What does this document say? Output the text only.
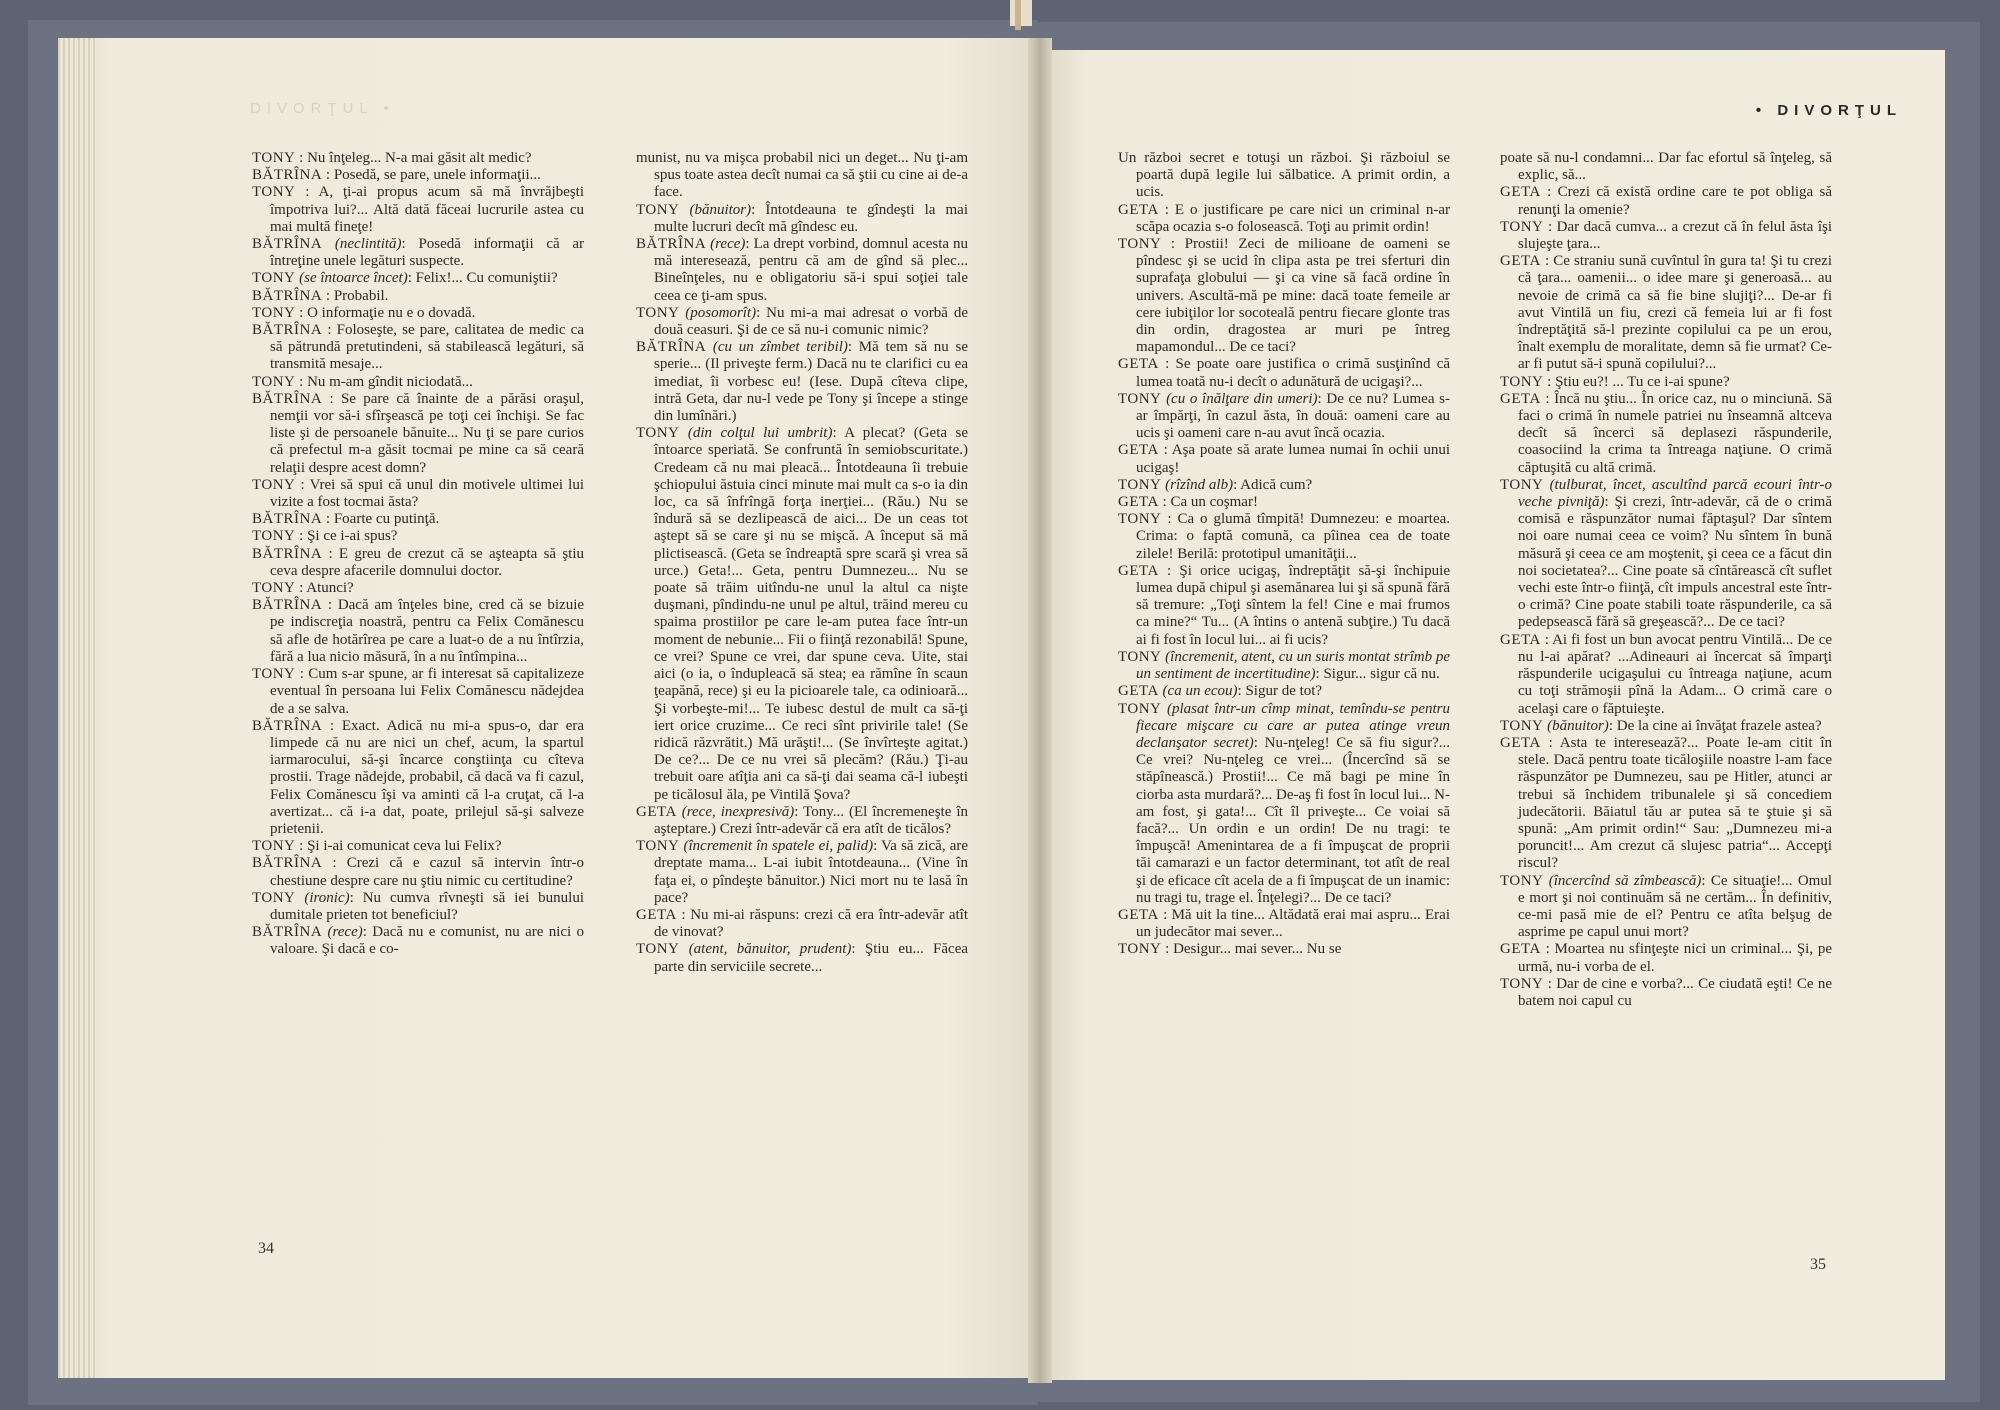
DIVORŢUL •	• DIVORŢUL
TONY : Nu înţeleg... N-a mai găsit alt medic?
BĂTRÎNA : Posedă, se pare, unele informaţii...
TONY : A, ţi-ai propus acum să mă învrăjbeşti împotriva lui?... Altă dată făceai lucrurile astea cu mai multă fineţe!
BĂTRÎNA (neclintită): Posedă informaţii că ar întreţine unele legături suspecte.
TONY (se întoarce încet): Felix!... Cu comuniştii?
BĂTRÎNA : Probabil.
TONY : O informaţie nu e o dovadă.
BĂTRÎNA : Foloseşte, se pare, calitatea de medic ca să pătrundă pretutindeni, să stabilească legături, să transmită mesaje...
TONY : Nu m-am gîndit niciodată...
BĂTRÎNA : Se pare că înainte de a părăsi oraşul, nemţii vor să-i sfîrşească pe toţi cei închişi. Se fac liste şi de persoanele bănuite... Nu ţi se pare curios că prefectul m-a găsit tocmai pe mine ca să ceară relaţii despre acest domn?
TONY : Vrei să spui că unul din motivele ultimei lui vizite a fost tocmai ăsta?
BĂTRÎNA : Foarte cu putinţă.
TONY : Şi ce i-ai spus?
BĂTRÎNA : E greu de crezut că se aşteapta să ştiu ceva despre afacerile domnului doctor.
TONY : Atunci?
BĂTRÎNA : Dacă am înţeles bine, cred că se bizuie pe indiscreţia noastră, pentru ca Felix Comănescu să afle de hotărîrea pe care a luat-o de a nu întîrzia, fără a lua nicio măsură, în a nu întîmpina...
TONY : Cum s-ar spune, ar fi interesat să capitalizeze eventual în persoana lui Felix Comănescu nădejdea de a se salva.
BĂTRÎNA : Exact. Adică nu mi-a spus-o, dar era limpede că nu are nici un chef, acum, la spartul iarmarocului, să-şi încarce conştiinţa cu cîteva prostii. Trage nădejde, probabil, că dacă va fi cazul, Felix Comănescu îşi va aminti că l-a cruţat, că l-a avertizat... că i-a dat, poate, prilejul să-şi salveze prietenii.
TONY : Şi i-ai comunicat ceva lui Felix?
BĂTRÎNA : Crezi că e cazul să intervin într-o chestiune despre care nu ştiu nimic cu certitudine?
TONY (ironic): Nu cumva rîvneşti să iei bunului dumitale prieten tot beneficiul?
BĂTRÎNA (rece): Dacă nu e comunist, nu are nici o valoare. Şi dacă e co-
munist, nu va mişca probabil nici un deget... Nu ţi-am spus toate astea decît numai ca să ştii cu cine ai de-a face.
TONY (bănuitor): Întotdeauna te gîndeşti la mai multe lucruri decît mă gîndesc eu.
BĂTRÎNA (rece): La drept vorbind, domnul acesta nu mă interesează, pentru că am de gînd să plec... Bineînţeles, nu e obligatoriu să-i spui soţiei tale ceea ce ţi-am spus.
TONY (posomorît): Nu mi-a mai adresat o vorbă de două ceasuri. Şi de ce să nu-i comunic nimic?
BĂTRÎNA (cu un zîmbet teribil): Mă tem să nu se sperie... (Il priveşte ferm.) Dacă nu te clarifici cu ea imediat, îi vorbesc eu! (Iese. După cîteva clipe, intră Geta, dar nu-l vede pe Tony şi începe a stinge din lumînări.)
TONY (din colţul lui umbrit): A plecat? (Geta se întoarce speriată. Se confruntă în semiobscuritate.) Credeam că nu mai pleacă... Întotdeauna îi trebuie şchiopului ăstuia cinci minute mai mult ca s-o ia din loc, ca să înfrîngă forţa inerţiei... (Rău.) Nu se îndură să se dezlipească de aici... De un ceas tot aştept să se care şi nu se mişcă. A început să mă plictisească. (Geta se îndreaptă spre scară şi vrea să urce.) Geta!... Geta, pentru Dumnezeu... Nu se poate să trăim uitîndu-ne unul la altul ca nişte duşmani, pîndindu-ne unul pe altul, trăind mereu cu spaima prostiilor pe care le-am putea face într-un moment de nebunie... Fii o fiinţă rezonabilă! Spune, ce vrei? Spune ce vrei, dar spune ceva. Uite, stai aici (o ia, o îndupleacă să stea; ea rămîne în scaun ţeapănă, rece) şi eu la picioarele tale, ca odinioară... Şi vorbeşte-mi!... Te iubesc destul de mult ca să-ţi iert orice cruzime... Ce reci sînt privirile tale! (Se ridică răzvrătit.) Mă urăşti!... (Se învîrteşte agitat.) De ce?... De ce nu vrei să plecăm? (Rău.) Ţi-au trebuit oare atîţia ani ca să-ţi dai seama că-l iubeşti pe ticălosul ăla, pe Vintilă Şova?
GETA (rece, inexpresivă): Tony... (El încremeneşte în aşteptare.) Crezi într-adevăr că era atît de ticălos?
TONY (încremenit în spatele ei, palid): Va să zică, are dreptate mama... L-ai iubit întotdeauna... (Vine în faţa ei, o pîndeşte bănuitor.) Nici mort nu te lasă în pace?
GETA : Nu mi-ai răspuns: crezi că era într-adevăr atît de vinovat?
TONY (atent, bănuitor, prudent): Ştiu eu... Făcea parte din serviciile secrete...
Un război secret e totuşi un război. Şi războiul se poartă după legile lui sălbatice. A primit ordin, a ucis.
GETA : E o justificare pe care nici un criminal n-ar scăpa ocazia s-o folosească. Toţi au primit ordin!
TONY : Prostii! Zeci de milioane de oameni se pîndesc şi se ucid în clipa asta pe trei sferturi din suprafaţa globului — şi ca vine să facă ordine în univers. Ascultă-mă pe mine: dacă toate femeile ar cere iubiţilor lor socoteală pentru fiecare glonte tras din ordin, dragostea ar muri pe întreg mapamondul... De ce taci?
GETA : Se poate oare justifica o crimă susţinînd că lumea toată nu-i decît o adunătură de ucigaşi?...
TONY (cu o înălţare din umeri): De ce nu? Lumea s-ar împărţi, în cazul ăsta, în două: oameni care au ucis şi oameni care n-au avut încă ocazia.
GETA : Aşa poate să arate lumea numai în ochii unui ucigaş!
TONY (rîzînd alb): Adică cum?
GETA : Ca un coşmar!
TONY : Ca o glumă tîmpită! Dumnezeu: e moartea. Crima: o faptă comună, ca pîinea cea de toate zilele! Berilă: prototipul umanităţii...
GETA : Şi orice ucigaş, îndreptăţit să-şi închipuie lumea după chipul şi asemănarea lui şi să spună fără să tremure: „Toţi sîntem la fel! Cine e mai frumos ca mine?“ Tu... (A întins o antenă subţire.) Tu dacă ai fi fost în locul lui... ai fi ucis?
TONY (încremenit, atent, cu un suris montat strîmb pe un sentiment de incertitudine): Sigur... sigur că nu.
GETA (ca un ecou): Sigur de tot?
TONY (plasat într-un cîmp minat, temîndu-se pentru fiecare mişcare cu care ar putea atinge vreun declanşator secret): Nu-nţeleg! Ce să fiu sigur?... Ce vrei? Nu-nţeleg ce vrei... (Încercînd să se stăpînească.) Prostii!... Ce mă bagi pe mine în ciorba asta murdară?... De-aş fi fost în locul lui... N-am fost, şi gata!... Cît îl priveşte... Ce voiai să facă?... Un ordin e un ordin! De nu tragi: te împuşcă! Amenintarea de a fi împuşcat de proprii tăi camarazi e un factor determinant, tot atît de real şi de eficace cît acela de a fi împuşcat de un inamic: nu tragi tu, trage el. Înţelegi?... De ce taci?
GETA : Mă uit la tine... Altădată erai mai aspru... Erai un judecător mai sever...
TONY : Desigur... mai sever... Nu se
poate să nu-l condamni... Dar fac efortul să înţeleg, să explic, să...
GETA : Crezi că există ordine care te pot obliga să renunţi la omenie?
TONY : Dar dacă cumva... a crezut că în felul ăsta îşi slujeşte ţara...
GETA : Ce straniu sună cuvîntul în gura ta! Şi tu crezi că ţara... oamenii... o idee mare şi generoasă... au nevoie de crimă ca să fie bine slujiţi?... De-ar fi avut Vintilă un fiu, crezi că femeia lui ar fi fost îndreptăţită să-l prezinte copilului ca pe un erou, înalt exemplu de moralitate, demn să fie urmat? Ce-ar fi putut să-i spună copilului?...
TONY : Ştiu eu?! ... Tu ce i-ai spune?
GETA : Încă nu ştiu... În orice caz, nu o minciună. Să faci o crimă în numele patriei nu înseamnă altceva decît să încerci să deplasezi răspunderile, coasociind la crima ta întreaga naţiune. O crimă căptuşită cu altă crimă.
TONY (tulburat, încet, ascultînd parcă ecouri într-o veche pivniţă): Şi crezi, într-adevăr, că de o crimă comisă e răspunzător numai făptaşul? Dar sîntem noi oare numai ceea ce voim? Nu sîntem în bună măsură şi ceea ce am moştenit, şi ceea ce a făcut din noi societatea?... Cine poate să cîntărească cît suflet vechi este într-o fiinţă, cît impuls ancestral este într-o crimă? Cine poate stabili toate răspunderile, ca să pedepsească fără să greşească?... De ce taci?
GETA : Ai fi fost un bun avocat pentru Vintilă... De ce nu l-ai apărat? ...Adineauri ai încercat să împarţi răspunderile ucigaşului cu întreaga naţiune, acum cu toţi strămoşii pînă la Adam... O crimă care o acelaşi care o făptuieşte.
TONY (bănuitor): De la cine ai învăţat frazele astea?
GETA : Asta te interesează?... Poate le-am citit în stele. Dacă pentru toate ticăloşiile noastre l-am face răspunzător pe Dumnezeu, sau pe Hitler, atunci ar trebui să închidem tribunalele şi să concediem judecătorii. Băiatul tău ar putea să te ştuie şi să spună: „Am primit ordin!“ Sau: „Dumnezeu mi-a poruncit!... Am crezut că slujesc patria“... Accepţi riscul?
TONY (încercînd să zîmbească): Ce situaţie!... Omul e mort şi noi continuăm să ne certăm... În definitiv, ce-mi pasă mie de el? Pentru ce atîta belşug de asprime pe capul unui mort?
GETA : Moartea nu sfinţeşte nici un criminal... Şi, pe urmă, nu-i vorba de el.
TONY : Dar de cine e vorba?... Ce ciudată eşti! Ce ne batem noi capul cu
34
35
